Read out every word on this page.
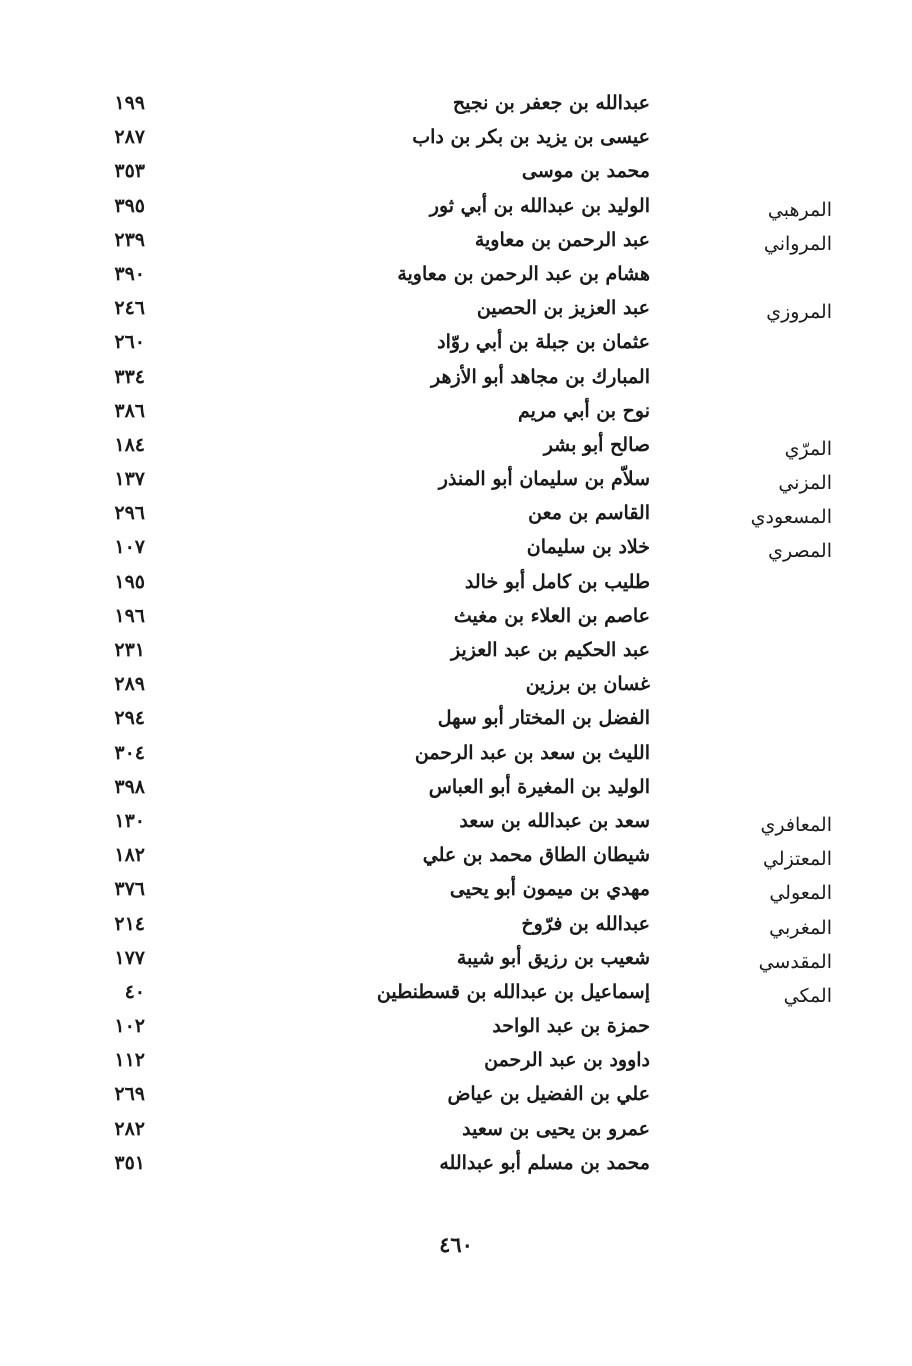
عبدالله بن جعفر بن نجيح
١٩٩
عيسى بن يزيد بن بكر بن داب
٢٨٧
محمد بن موسى
٣٥٣
المرهبي
الوليد بن عبدالله بن أبي ثور
٣٩٥
المرواني
عبد الرحمن بن معاوية
٢٣٩
هشام بن عبد الرحمن بن معاوية
٣٩٠
المروزي
عبد العزيز بن الحصين
٢٤٦
عثمان بن جبلة بن أبي روّاد
٢٦٠
المبارك بن مجاهد أبو الأزهر
٣٣٤
نوح بن أبي مريم
٣٨٦
المرّي
صالح أبو بشر
١٨٤
المزني
سلاّم بن سليمان أبو المنذر
١٣٧
المسعودي
القاسم بن معن
٢٩٦
المصري
خلاد بن سليمان
١٠٧
طليب بن كامل أبو خالد
١٩٥
عاصم بن العلاء بن مغيث
١٩٦
عبد الحكيم بن عبد العزيز
٢٣١
غسان بن برزين
٢٨٩
الفضل بن المختار أبو سهل
٢٩٤
الليث بن سعد بن عبد الرحمن
٣٠٤
الوليد بن المغيرة أبو العباس
٣٩٨
المعافري
سعد بن عبدالله بن سعد
١٣٠
المعتزلي
شيطان الطاق محمد بن علي
١٨٢
المعولي
مهدي بن ميمون أبو يحيى
٣٧٦
المغربي
عبدالله بن فرّوخ
٢١٤
المقدسي
شعيب بن رزيق أبو شيبة
١٧٧
المكي
إسماعيل بن عبدالله بن قسطنطين
٤٠
حمزة بن عبد الواحد
١٠٢
داوود بن عبد الرحمن
١١٢
علي بن الفضيل بن عياض
٢٦٩
عمرو بن يحيى بن سعيد
٢٨٢
محمد بن مسلم أبو عبدالله
٣٥١
٤٦٠
